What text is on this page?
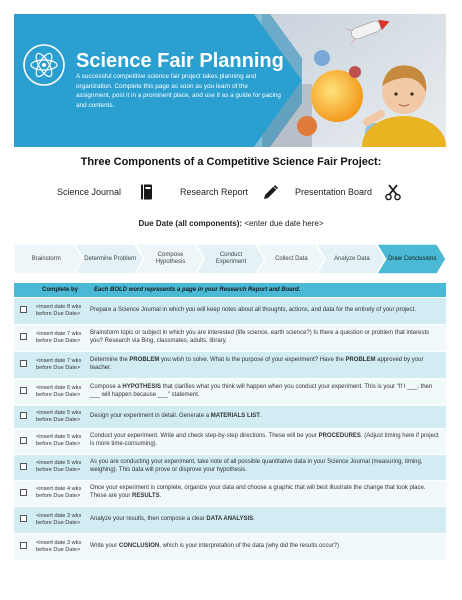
Science Fair Planning
A successful competitive science fair project takes planning and organization. Complete this page as soon as you learn of the assignment, post it in a prominent place, and use it as a guide for pacing and contents.
Three Components of a Competitive Science Fair Project:
Science Journal	Research Report	Presentation Board
Due Date (all components): <enter due date here>
Brainstorm	Determine Problem
Compose Hypothesis
Conduct Experiment
Collect Data	Analyze Data	Draw Conclusions
	Complete by	Each BOLD word represents a page in your Research Report and Board.
	<insert date 8 wks before Due Date>	Prepare a Science Journal in which you will keep notes about all thoughts, actions, and data for the entirety of your project.
	<insert date 7 wks before Due Date>	Brainstorm topic or subject in which you are interested (life science, earth science?) Is there a question or problem that interests you? Research via Bing, classmates, adults, library.
	<insert date 7 wks before Due Date>	Determine the PROBLEM you wish to solve. What is the purpose of your experiment? Have the PROBLEM approved by your teacher.
	<insert date 6 wks before Due Date>	Compose a HYPOTHESIS that clarifies what you think will happen when you conduct your experiment. This is your "If I ___, then ___ will happen because ___" statement.
	<insert date 5 wks before Due Date>	Design your experiment in detail. Generate a MATERIALS LIST.
	<insert date 5 wks before Due Date>	Conduct your experiment. Write and check step-by-step directions. These will be your PROCEDURES. (Adjust timing here if project is more time-consuming).
	<insert date 5 wks before Due Date>	As you are conducting your experiment, take note of all possible quantitative data in your Science Journal (measuring, timing, weighing). This data will prove or disprove your hypothesis.
	<insert date 4 wks before Due Date>	Once your experiment is complete, organize your data and choose a graphic that will best illustrate the change that took place. These are your RESULTS.
	<insert date 3 wks before Due Date>	Analyze your results, then compose a clear DATA ANALYSIS.
	<insert date 3 wks before Due Date>	Write your CONCLUSION, which is your interpretation of the data (why did the results occur?)
